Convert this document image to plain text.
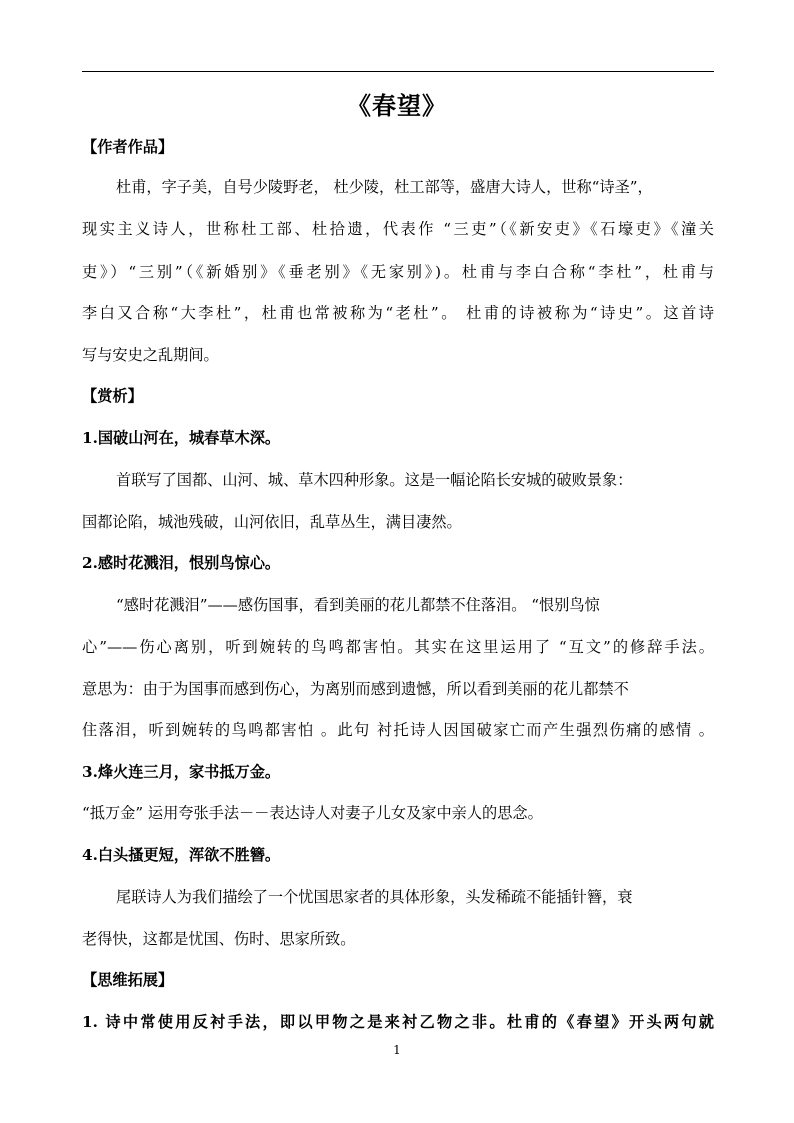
《春望》
【作者作品】
杜甫，字子美，自号少陵野老， 杜少陵，杜工部等，盛唐大诗人，世称“诗圣”，
现实主义诗人，世称杜工部、杜拾遗，代表作 “三吏”（《新安吏》《石壕吏》《潼关
吏》）“三别”（《新婚别》《垂老别》《无家别》)。杜甫与李白合称“李杜”，杜甫与
李白又合称“大李杜”，杜甫也常被称为“老杜”。 杜甫的诗被称为“诗史”。这首诗
写与安史之乱期间。
【赏析】
1.国破山河在，城春草木深。
首联写了国都、山河、城、草木四种形象。这是一幅论陷长安城的破败景象：
国都论陷，城池残破，山河依旧，乱草丛生，满目凄然。
2.感时花溅泪，恨别鸟惊心。
“感时花溅泪”——感伤国事，看到美丽的花儿都禁不住落泪。 “恨别鸟惊
心”——伤心离别，听到婉转的鸟鸣都害怕。其实在这里运用了 “互文”的修辞手法。
意思为：由于为国事而感到伤心，为离别而感到遗憾，所以看到美丽的花儿都禁不
住落泪，听到婉转的鸟鸣都害怕 。此句 衬托诗人因国破家亡而产生强烈伤痛的感情 。
3.烽火连三月，家书抵万金。
“抵万金” 运用夸张手法－－表达诗人对妻子儿女及家中亲人的思念。
4.白头搔更短，浑欲不胜簪。
尾联诗人为我们描绘了一个忧国思家者的具体形象，头发稀疏不能插针簪，衰
老得快，这都是忧国、伤时、思家所致。
【思维拓展】
1. 诗中常使用反衬手法，即以甲物之是来衬乙物之非。杜甫的《春望》开头两句就
1
